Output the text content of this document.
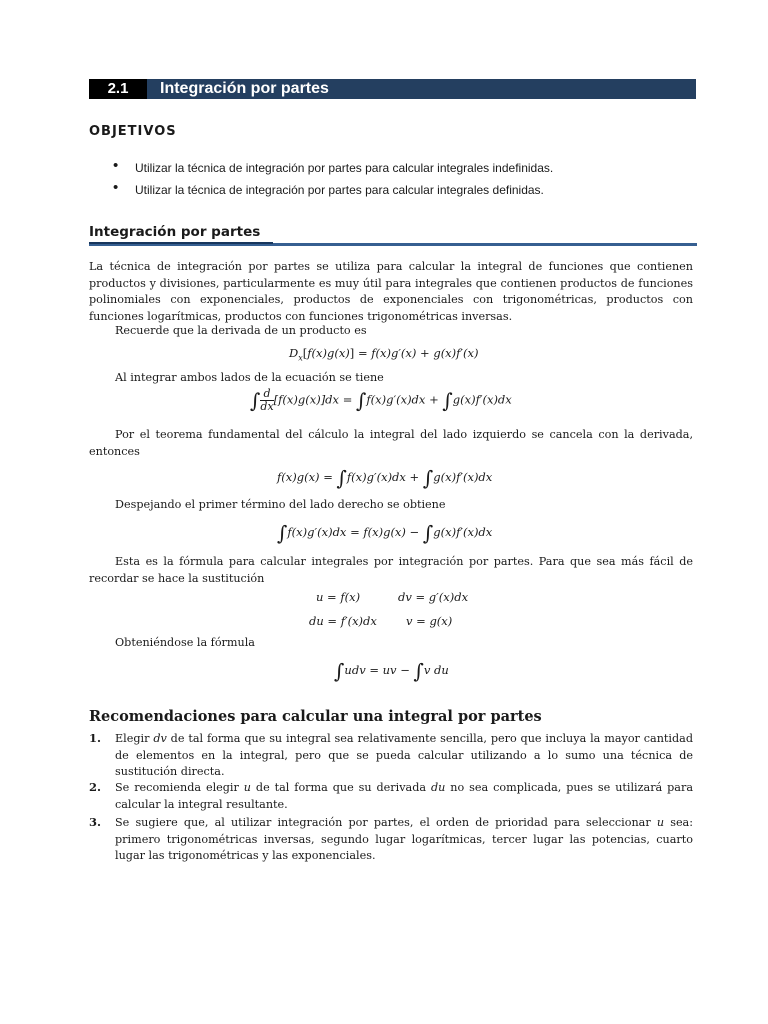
2.1	Integración por partes
OBJETIVOS
• Utilizar la técnica de integración por partes para calcular integrales indefinidas.
• Utilizar la técnica de integración por partes para calcular integrales definidas.
Integración por partes
La técnica de integración por partes se utiliza para calcular la integral de funciones que contienen productos y divisiones, particularmente es muy útil para integrales que contienen productos de funciones polinomiales con exponenciales, productos de exponenciales con trigonométricas, productos con funciones logarítmicas, productos con funciones trigonométricas inversas.
Recuerde que la derivada de un producto es
$D_x[f(x)g(x)] = f(x)g'(x) + g(x)f'(x)$
Al integrar ambos lados de la ecuación se tiene
∫ $\frac{d}{dx} [f(x)g(x)]dx = \int f(x)g'(x)dx + \int g(x)f'(x)dx$
Por el teorema fundamental del cálculo la integral del lado izquierdo se cancela con la derivada, entonces
f(x)g(x) = ∫f(x)g′(x)dx + ∫g(x)f′(x)dx
Despejando el primer término del lado derecho se obtiene
∫f(x)g′(x)dx = f(x)g(x) − ∫g(x)f′(x)dx
Esta es la fórmula para calcular integrales por integración por partes. Para que sea más fácil de recordar se hace la sustitución
u = f(x)	dv = g′(x)dx
du = f′(x)dx	v = g(x)
Obteniéndose la fórmula
∫udv = uv − ∫v du
Recomendaciones para calcular una integral por partes
1. Elegir dv de tal forma que su integral sea relativamente sencilla, pero que incluya la mayor cantidad de elementos en la integral, pero que se pueda calcular utilizando a lo sumo una técnica de sustitución directa.
2. Se recomienda elegir u de tal forma que su derivada du no sea complicada, pues se utilizará para calcular la integral resultante.
3. Se sugiere que, al utilizar integración por partes, el orden de prioridad para seleccionar u sea: primero trigonométricas inversas, segundo lugar logarítmicas, tercer lugar las potencias, cuarto lugar las trigonométricas y las exponenciales.
